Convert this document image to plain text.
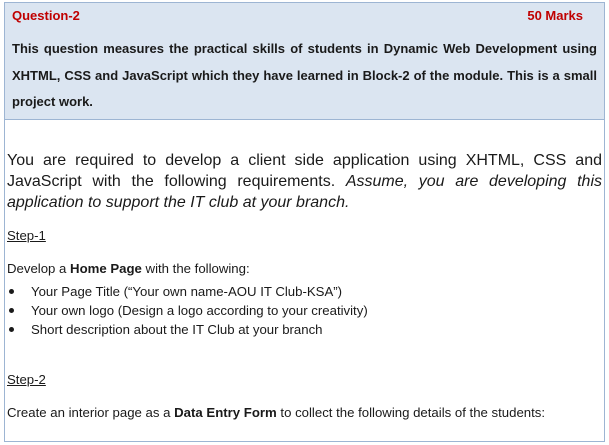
Question-2	50 Marks
This question measures the practical skills of students in Dynamic Web Development using XHTML, CSS and JavaScript which they have learned in Block-2 of the module. This is a small project work.
You are required to develop a client side application using XHTML, CSS and JavaScript with the following requirements. Assume, you are developing this application to support the IT club at your branch.
Step-1
Develop a Home Page with the following:
Your Page Title (“Your own name-AOU IT Club-KSA”)
Your own logo (Design a logo according to your creativity)
Short description about the IT Club at your branch
Step-2
Create an interior page as a Data Entry Form to collect the following details of the students:
